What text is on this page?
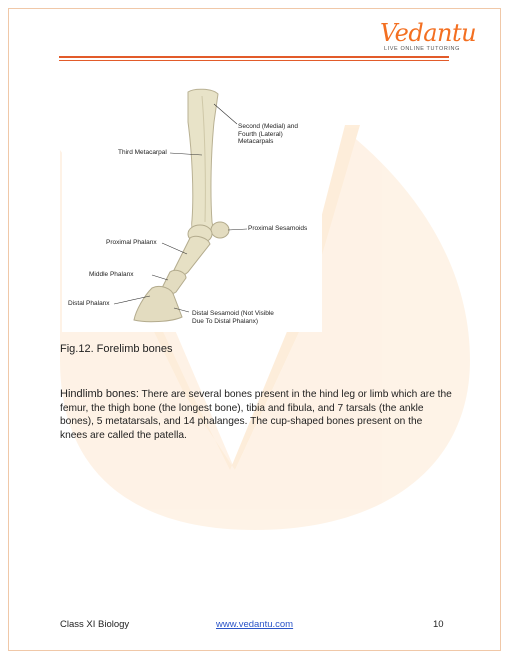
Vedantu
LIVE ONLINE TUTORING
Second (Medial) and
Fourth (Lateral)
Metacarpals
Third Metacarpal
Proximal Sesamoids
Proximal Phalanx
Middle Phalanx
Distal Phalanx
Distal Sesamoid (Not Visible
Due To Distal Phalanx)
Fig.12. Forelimb bones

Hindlimb bones: There are several bones present in the hind leg or limb which are the femur, the thigh bone (the longest bone), tibia and fibula, and 7 tarsals (the ankle bones), 5 metatarsals, and 14 phalanges. The cup-shaped bones present on the knees are called the patella.

Class XI Biology	www.vedantu.com	10
